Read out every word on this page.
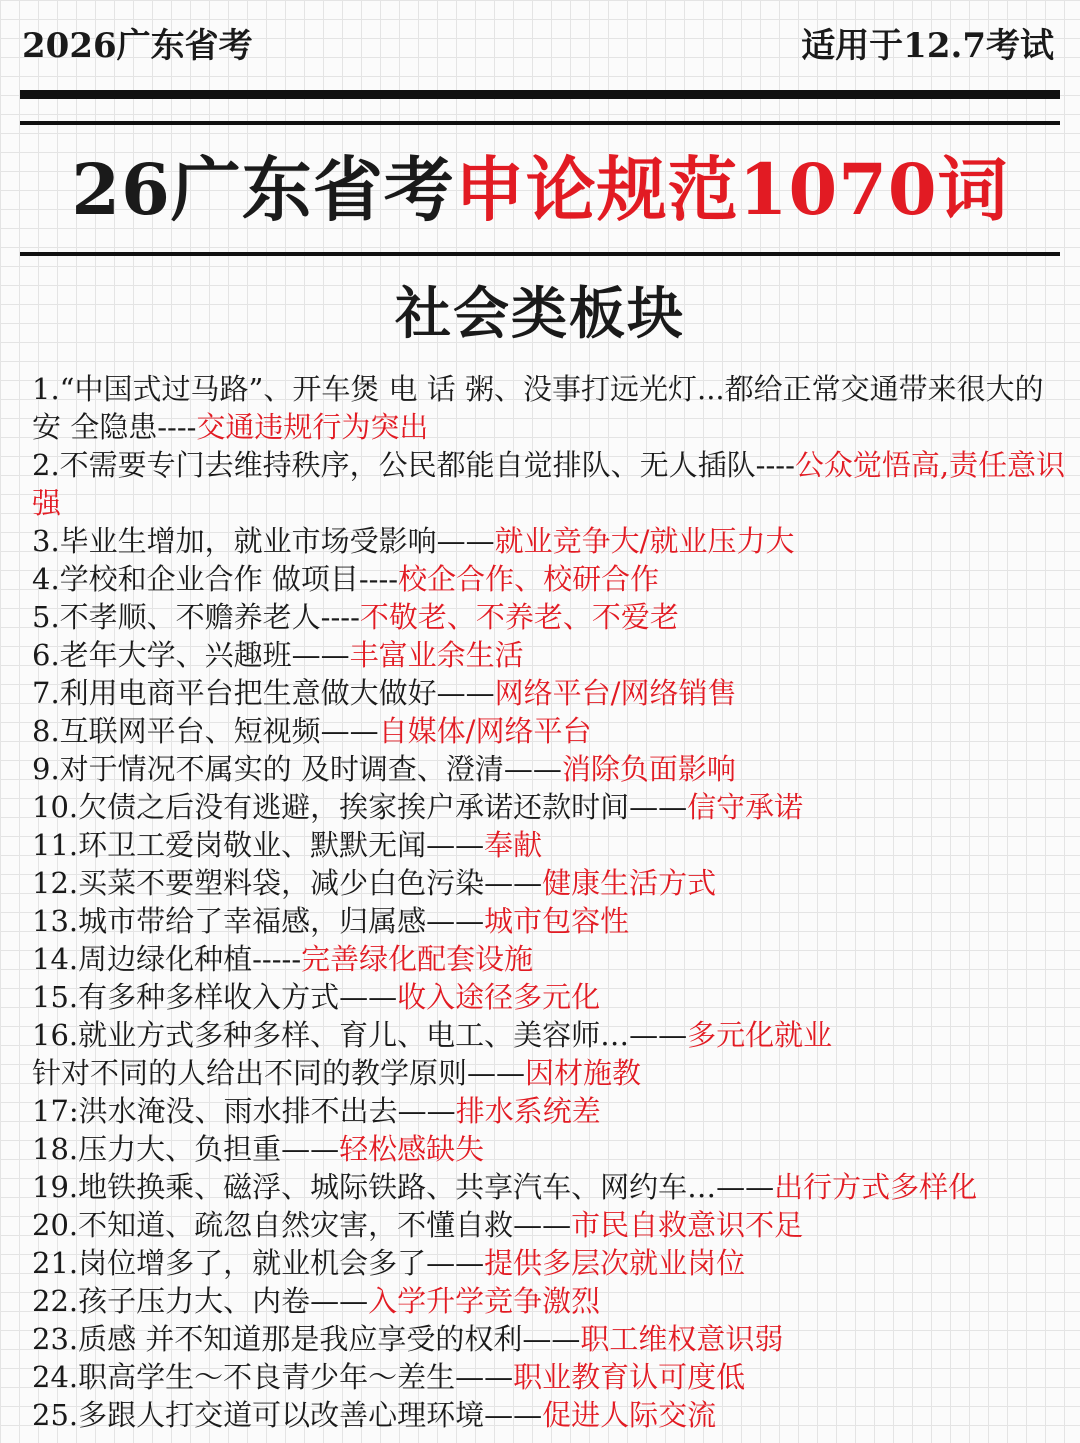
2026广东省考	适用于12.7考试
26广东省考申论规范1070词
社会类板块

1.“中国式过马路”、开车煲 电 话 粥、没事打远光灯...都给正常交通带来很大的安 全隐患----交通违规行为突出

2.不需要专门去维持秩序，公民都能自觉排队、无人插队----公众觉悟高,责任意识强

3.毕业生增加，就业市场受影响——就业竞争大/就业压力大

4.学校和企业合作 做项目----校企合作、校研合作

5.不孝顺、不赡养老人----不敬老、不养老、不爱老

6.老年大学、兴趣班——丰富业余生活

7.利用电商平台把生意做大做好——网络平台/网络销售

8.互联网平台、短视频——自媒体/网络平台

9.对于情况不属实的 及时调查、澄清——消除负面影响

10.欠债之后没有逃避，挨家挨户承诺还款时间——信守承诺

11.环卫工爱岗敬业、默默无闻——奉献

12.买菜不要塑料袋，减少白色污染——健康生活方式

13.城市带给了幸福感，归属感——城市包容性

14.周边绿化种植-----完善绿化配套设施

15.有多种多样收入方式——收入途径多元化

16.就业方式多种多样、育儿、电工、美容师…——多元化就业

针对不同的人给出不同的教学原则——因材施教

17:洪水淹没、雨水排不出去——排水系统差

18.压力大、负担重——轻松感缺失

19.地铁换乘、磁浮、城际铁路、共享汽车、网约车…——出行方式多样化

20.不知道、疏忽自然灾害，不懂自救——市民自救意识不足

21.岗位增多了，就业机会多了——提供多层次就业岗位

22.孩子压力大、内卷——入学升学竞争激烈

23.质感 并不知道那是我应享受的权利——职工维权意识弱

24.职高学生～不良青少年～差生——职业教育认可度低

25.多跟人打交道可以改善心理环境——促进人际交流
